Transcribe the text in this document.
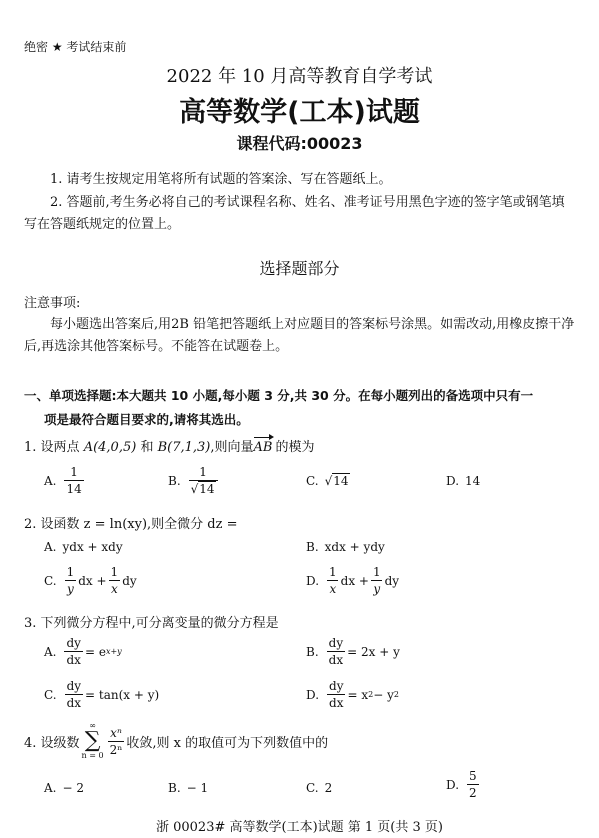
绝密 ★ 考试结束前
2022 年 10 月高等教育自学考试
高等数学(工本)试题
课程代码:00023
1. 请考生按规定用笔将所有试题的答案涂、写在答题纸上。
2. 答题前,考生务必将自己的考试课程名称、姓名、准考证号用黑色字迹的签字笔或钢笔填写在答题纸规定的位置上。
选择题部分
注意事项:
每小题选出答案后,用2B 铅笔把答题纸上对应题目的答案标号涂黑。如需改动,用橡皮擦干净后,再选涂其他答案标号。不能答在试题卷上。
一、单项选择题:本大题共 10 小题,每小题 3 分,共 30 分。在每小题列出的备选项中只有一
项是最符合题目要求的,请将其选出。
1. 设两点 A(4,0,5) 和 B(7,1,3),则向量AB 的模为
A. $\frac{1}{14}$	B. $\frac{1}{√14}$	C. √14	D. 14
2. 设函数 z = ln(xy),则全微分 dz =
A. ydx + xdy	B. xdx + ydy
C. $\frac{1}{y}$ dx + $\frac{1}{x}$ dy	D. $\frac{1}{x}$ dx + $\frac{1}{y}$ dy
3. 下列微分方程中,可分离变量的微分方程是
A. $\frac{dy}{dx} = e$ x+y	B. $\frac{dy}{dx} = 2x + y$
C. $\frac{dy}{dx} = \tan(x + y)$	D. $\frac{dy}{dx} = x$ 2 − y 2
4. 设级数
∞
∑
$n = 0 \frac{\text{xⁿ}}{\text{2ⁿ}}$ 收敛,则 x 的取值可为下列数值中的
A. − 2	B. − 1	C. 2	D. $\frac{5}{2}$
浙 00023# 高等数学(工本)试题 第 1 页(共 3 页)
